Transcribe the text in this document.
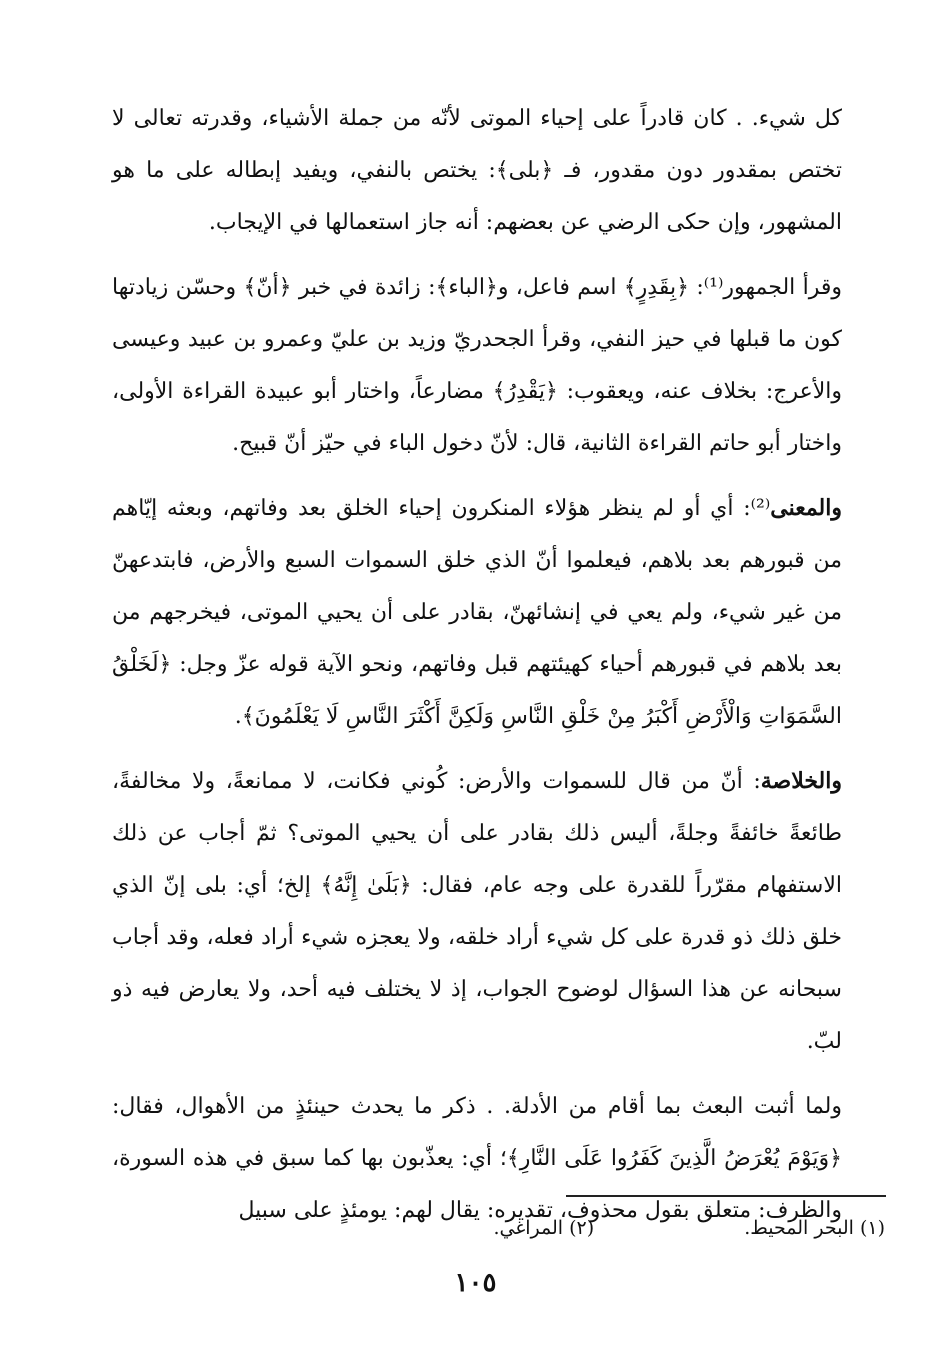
كل شيء. . كان قادراً على إحياء الموتى لأنّه من جملة الأشياء، وقدرته تعالى لا تختص بمقدور دون مقدور، فـ ﴿بلى﴾: يختص بالنفي، ويفيد إبطاله على ما هو المشهور، وإن حكى الرضي عن بعضهم: أنه جاز استعمالها في الإيجاب.

وقرأ الجمهور⁽¹⁾: ﴿بِقَدِرٍ﴾ اسم فاعل، و﴿الباء﴾: زائدة في خبر ﴿أنّ﴾ وحسّن زيادتها كون ما قبلها في حيز النفي، وقرأ الجحدريّ وزيد بن عليّ وعمرو بن عبيد وعيسى والأعرج: بخلاف عنه، ويعقوب: ﴿يَقْدِرُ﴾ مضارعاً، واختار أبو عبيدة القراءة الأولى، واختار أبو حاتم القراءة الثانية، قال: لأنّ دخول الباء في حيّز أنّ قبيح.

والمعنى⁽²⁾: أي أو لم ينظر هؤلاء المنكرون إحياء الخلق بعد وفاتهم، وبعثه إيّاهم من قبورهم بعد بلاهم، فيعلموا أنّ الذي خلق السموات السبع والأرض، فابتدعهنّ من غير شيء، ولم يعي في إنشائهنّ، بقادر على أن يحيي الموتى، فيخرجهم من بعد بلاهم في قبورهم أحياء كهيئتهم قبل وفاتهم، ونحو الآية قوله عزّ وجل: ﴿لَخَلْقُ السَّمَوَاتِ وَالْأَرْضِ أَكْبَرُ مِنْ خَلْقِ النَّاسِ وَلَكِنَّ أَكْثَرَ النَّاسِ لَا يَعْلَمُونَ﴾.

والخلاصة: أنّ من قال للسموات والأرض: كُوني فكانت، لا ممانعةً، ولا مخالفةً، طائعةً خائفةً وجلةً، أليس ذلك بقادر على أن يحيي الموتى؟ ثمّ أجاب عن ذلك الاستفهام مقرّراً للقدرة على وجه عام، فقال: ﴿بَلَىٰ إِنَّهُ﴾ إلخ؛ أي: بلى إنّ الذي خلق ذلك ذو قدرة على كل شيء أراد خلقه، ولا يعجزه شيء أراد فعله، وقد أجاب سبحانه عن هذا السؤال لوضوح الجواب، إذ لا يختلف فيه أحد، ولا يعارض فيه ذو لبّ.

ولما أثبت البعث بما أقام من الأدلة. . ذكر ما يحدث حينئذٍ من الأهوال، فقال: ﴿وَيَوْمَ يُعْرَضُ الَّذِينَ كَفَرُوا عَلَى النَّارِ﴾؛ أي: يعذّبون بها كما سبق في هذه السورة، والظرف: متعلق بقول محذوف، تقديره: يقال لهم: يومئذٍ على سبيل

(١) البحر المحيط.
(٢) المراغي.
١٠٥
